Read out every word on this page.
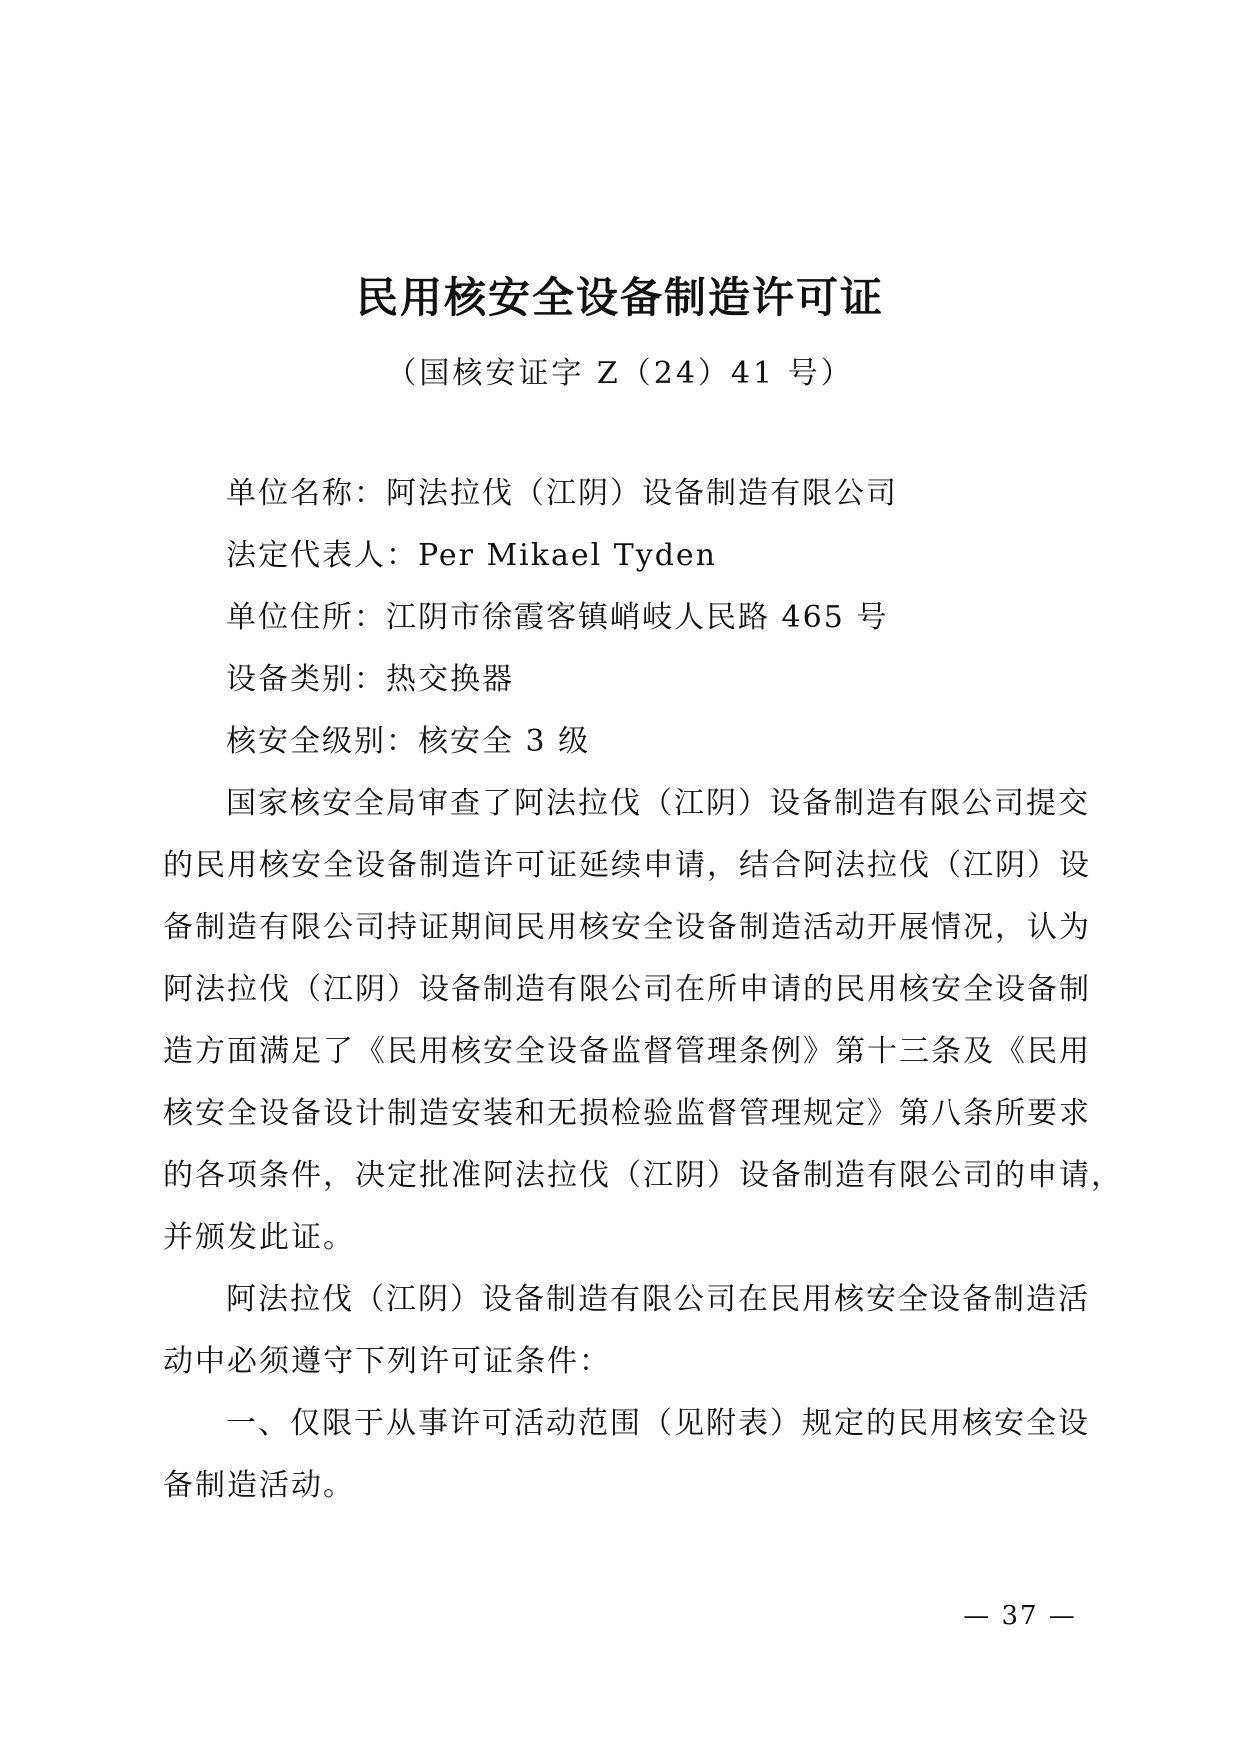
民用核安全设备制造许可证
（国核安证字 Z（24）41 号）
单位名称：阿法拉伐（江阴）设备制造有限公司
法定代表人：Per Mikael Tyden
单位住所：江阴市徐霞客镇峭岐人民路 465 号
设备类别：热交换器
核安全级别：核安全 3 级
国家核安全局审查了阿法拉伐（江阴）设备制造有限公司提交
的民用核安全设备制造许可证延续申请，结合阿法拉伐（江阴）设
备制造有限公司持证期间民用核安全设备制造活动开展情况，认为
阿法拉伐（江阴）设备制造有限公司在所申请的民用核安全设备制
造方面满足了《民用核安全设备监督管理条例》第十三条及《民用
核安全设备设计制造安装和无损检验监督管理规定》第八条所要求
的各项条件，决定批准阿法拉伐（江阴）设备制造有限公司的申请，
并颁发此证。
阿法拉伐（江阴）设备制造有限公司在民用核安全设备制造活
动中必须遵守下列许可证条件：
一、仅限于从事许可活动范围（见附表）规定的民用核安全设
备制造活动。
— 37 —
